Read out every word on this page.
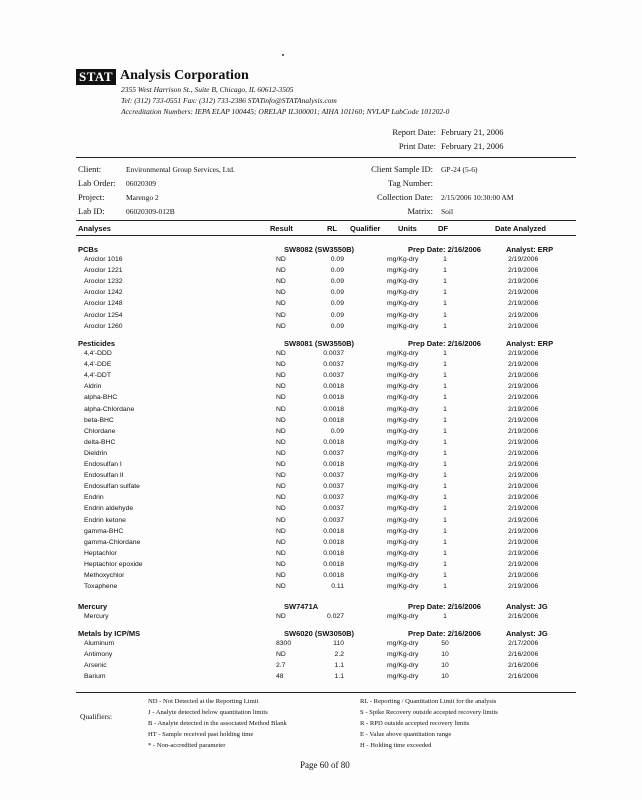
STAT Analysis Corporation
2355 West Harrison St., Suite B, Chicago, IL 60612-3505
Tel: (312) 733-0551 Fax: (312) 733-2386 STATinfo@STATAnalysis.com
Accreditation Numbers: IEPA ELAP 100445; ORELAP IL300001; AIHA 101160; NVLAP LabCode 101202-0
Report Date: February 21, 2006
Print Date: February 21, 2006
Client:	Environmental Group Services, Ltd.
Lab Order: 06020309
Project:	Marengo 2
Lab ID:	06020309-012B
Client Sample ID: GP-24 (5-6)
Tag Number:
Collection Date: 2/15/2006 10:30:00 AM
Matrix: Soil
Analyses	Result	RL Qualifier Units	DF	Date Analyzed
PCBs	SW8082 (SW3550B)	Prep Date: 2/16/2006	Analyst: ERP
Aroclor 1016	ND	0.09	mg/Kg-dry	1	2/19/2006
Aroclor 1221	ND	0.09	mg/Kg-dry	1	2/19/2006
Aroclor 1232	ND	0.09	mg/Kg-dry	1	2/19/2006
Aroclor 1242	ND	0.09	mg/Kg-dry	1	2/19/2006
Aroclor 1248	ND	0.09	mg/Kg-dry	1	2/19/2006
Aroclor 1254	ND	0.09	mg/Kg-dry	1	2/19/2006
Aroclor 1260	ND	0.09	mg/Kg-dry	1	2/19/2006
Pesticides	SW8081 (SW3550B)	Prep Date: 2/16/2006	Analyst: ERP
4,4'-DDD	ND	0.0037	mg/Kg-dry	1	2/19/2006
4,4'-DDE	ND	0.0037	mg/Kg-dry	1	2/19/2006
4,4'-DDT	ND	0.0037	mg/Kg-dry	1	2/19/2006
Aldrin	ND	0.0018	mg/Kg-dry	1	2/19/2006
alpha-BHC	ND	0.0018	mg/Kg-dry	1	2/19/2006
alpha-Chlordane	ND	0.0018	mg/Kg-dry	1	2/19/2006
beta-BHC	ND	0.0018	mg/Kg-dry	1	2/19/2006
Chlordane	ND	0.09	mg/Kg-dry	1	2/19/2006
delta-BHC	ND	0.0018	mg/Kg-dry	1	2/19/2006
Dieldrin	ND	0.0037	mg/Kg-dry	1	2/19/2006
Endosulfan I	ND	0.0018	mg/Kg-dry	1	2/19/2006
Endosulfan II	ND	0.0037	mg/Kg-dry	1	2/19/2006
Endosulfan sulfate	ND	0.0037	mg/Kg-dry	1	2/19/2006
Endrin	ND	0.0037	mg/Kg-dry	1	2/19/2006
Endrin aldehyde	ND	0.0037	mg/Kg-dry	1	2/19/2006
Endrin ketone	ND	0.0037	mg/Kg-dry	1	2/19/2006
gamma-BHC	ND	0.0018	mg/Kg-dry	1	2/19/2006
gamma-Chlordane	ND	0.0018	mg/Kg-dry	1	2/19/2006
Heptachlor	ND	0.0018	mg/Kg-dry	1	2/19/2006
Heptachlor epoxide	ND	0.0018	mg/Kg-dry	1	2/19/2006
Methoxychlor	ND	0.0018	mg/Kg-dry	1	2/19/2006
Toxaphene	ND	0.11	mg/Kg-dry	1	2/19/2006
Mercury	SW7471A	Prep Date: 2/16/2006	Analyst: JG
Mercury	ND	0.027	mg/Kg-dry	1	2/16/2006
Metals by ICP/MS	SW6020 (SW3050B)	Prep Date: 2/16/2006	Analyst: JG
Aluminum	8300	110	mg/Kg-dry	50	2/17/2006
Antimony	ND	2.2	mg/Kg-dry	10	2/16/2006
Arsenic	2.7	1.1	mg/Kg-dry	10	2/16/2006
Barium	48	1.1	mg/Kg-dry	10	2/16/2006
Qualifiers:
ND - Not Detected at the Reporting Limit
J - Analyte detected below quantitation limits
B - Analyte detected in the associated Method Blank
HT - Sample received past holding time
* - Non-accredited parameter
RL - Reporting / Quantitation Limit for the analysis
S - Spike Recovery outside accepted recovery limits
R - RPD outside accepted recovery limits
E - Value above quantitation range
H - Holding time exceeded
Page 60 of 80
